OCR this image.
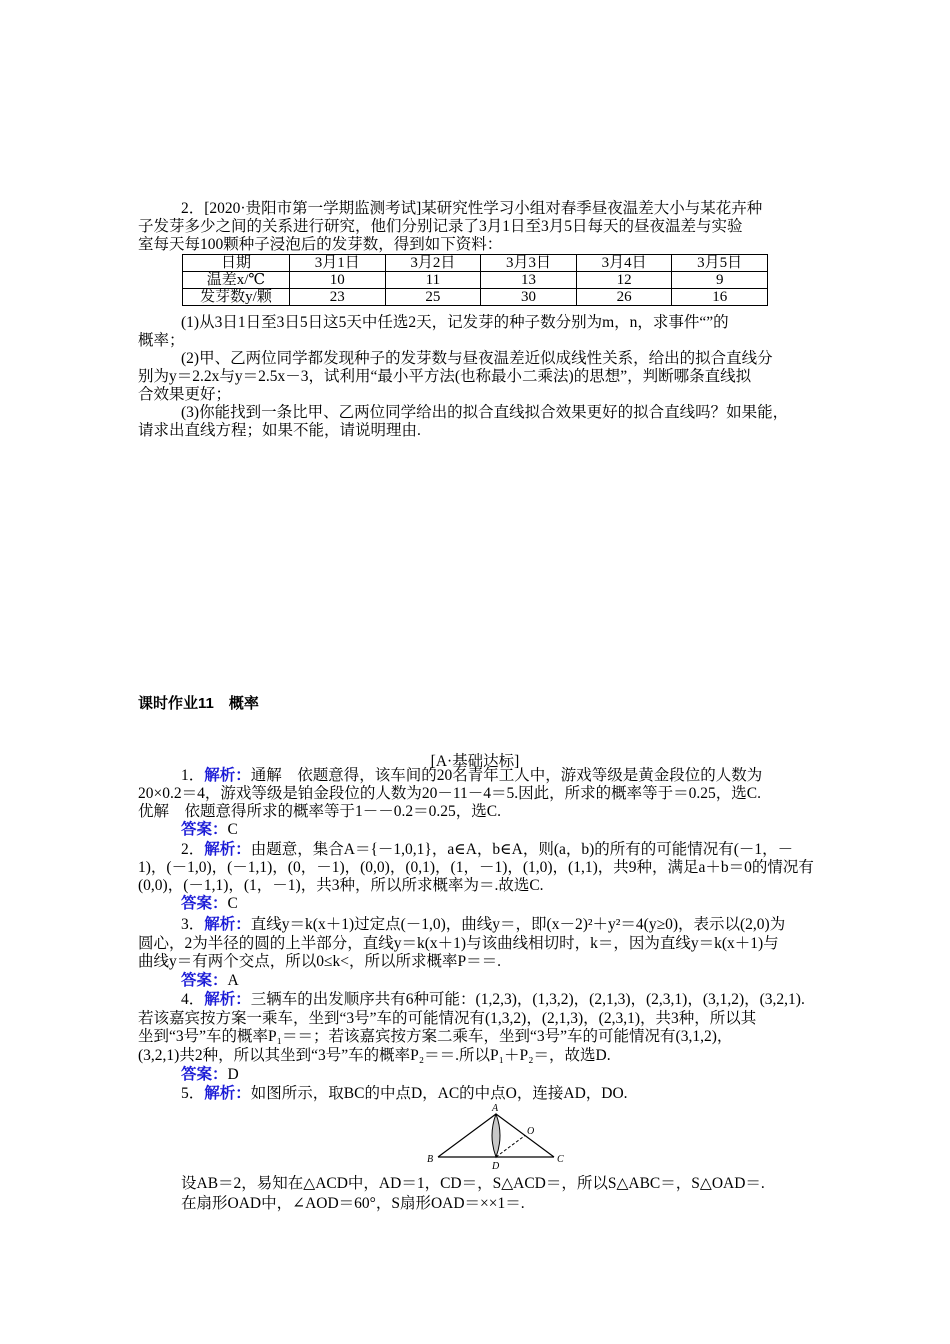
2．[2020·贵阳市第一学期监测考试]某研究性学习小组对春季昼夜温差大小与某花卉种
子发芽多少之间的关系进行研究，他们分别记录了3月1日至3月5日每天的昼夜温差与实验
室每天每100颗种子浸泡后的发芽数，得到如下资料：
日期	3月1日	3月2日	3月3日	3月4日	3月5日
温差x/℃	10	11	13	12	9
发芽数y/颗	23	25	30	26	16
(1)从3日1日至3日5日这5天中任选2天，记发芽的种子数分别为m，n，求事件“”的
概率；
(2)甲、乙两位同学都发现种子的发芽数与昼夜温差近似成线性关系，给出的拟合直线分
别为y＝2.2x与y＝2.5x－3，试利用“最小平方法(也称最小二乘法)的思想”，判断哪条直线拟
合效果更好；
(3)你能找到一条比甲、乙两位同学给出的拟合直线拟合效果更好的拟合直线吗？如果能，
请求出直线方程；如果不能，请说明理由.
课时作业11　概率
[A·基础达标]
1．解析：通解　依题意得，该车间的20名青年工人中，游戏等级是黄金段位的人数为
20×0.2＝4，游戏等级是铂金段位的人数为20－11－4＝5.因此，所求的概率等于＝0.25，选C.
优解　依题意得所求的概率等于1－－0.2＝0.25，选C.
答案：C
2．解析：由题意，集合A＝{－1,0,1}，a∈A，b∈A，则(a，b)的所有的可能情况有(－1，－
1)，(－1,0)，(－1,1)，(0，－1)，(0,0)，(0,1)，(1，－1)，(1,0)，(1,1)，共9种，满足a＋b＝0的情况有
(0,0)，(－1,1)，(1，－1)，共3种，所以所求概率为＝.故选C.
答案：C
3．解析：直线y＝k(x＋1)过定点(－1,0)，曲线y＝，即(x－2)²＋y²＝4(y≥0)，表示以(2,0)为
圆心，2为半径的圆的上半部分，直线y＝k(x＋1)与该曲线相切时，k＝，因为直线y＝k(x＋1)与
曲线y＝有两个交点，所以0≤k<，所以所求概率P＝＝.
答案：A
4．解析：三辆车的出发顺序共有6种可能：(1,2,3)，(1,3,2)，(2,1,3)，(2,3,1)，(3,1,2)，(3,2,1).
若该嘉宾按方案一乘车，坐到“3号”车的可能情况有(1,3,2)，(2,1,3)，(2,3,1)，共3种，所以其
坐到“3号”车的概率P₁＝＝；若该嘉宾按方案二乘车，坐到“3号”车的可能情况有(3,1,2)，
(3,2,1)共2种，所以其坐到“3号”车的概率P₂＝＝.所以P₁＋P₂＝，故选D.
答案：D
5．解析：如图所示，取BC的中点D，AC的中点O，连接AD，DO.
A
B	C
D
O
设AB＝2，易知在△ACD中，AD＝1，CD＝，S△ACD＝，所以S△ABC＝，S△OAD＝.
在扇形OAD中，∠AOD＝60°，S扇形OAD＝××1＝.
